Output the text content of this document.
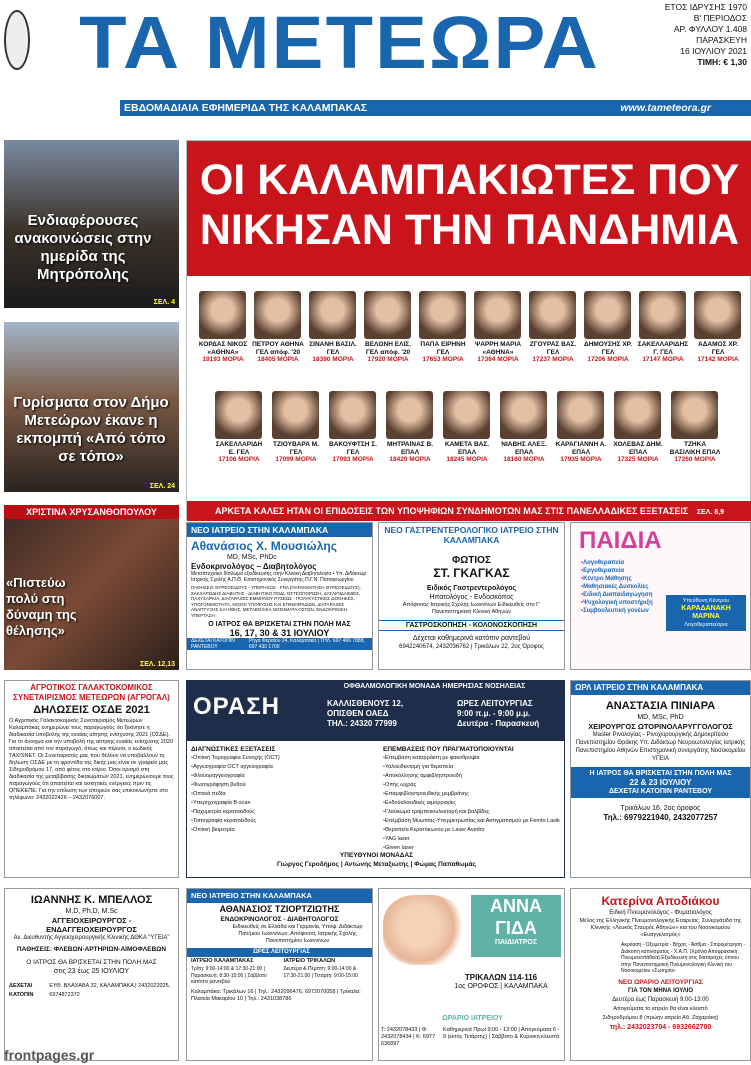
ΤΑ ΜΕΤΕΩΡΑ	ΕΤΟΣ ΙΔΡΥΣΗΣ 1970
Β' ΠΕΡΙΟΔΟΣ
ΑΡ. ΦΥΛΛΟΥ 1.408
ΠΑΡΑΣΚΕΥΗ
16 ΙΟΥΛΙΟΥ 2021
ΤΙΜΗ: € 1,30
ΕΒΔΟΜΑΔΙΑΙΑ ΕΦΗΜΕΡΙΔΑ ΤΗΣ ΚΑΛΑΜΠΑΚΑΣ	www.tameteora.gr
Ενδιαφέρουσες ανακοινώσεις στην ημερίδα της Μητρόπολης
ΣΕΛ. 4
Γυρίσματα στον Δήμο Μετεώρων έκανε η εκπομπή «Από τόπο σε τόπο»
ΣΕΛ. 24
ΧΡΙΣΤΙΝΑ ΧΡΥΣΑΝΘΟΠΟΥΛΟΥ
«Πιστεύω πολύ στη δύναμη της θέλησης»
ΣΕΛ. 12,13
ΟΙ ΚΑΛΑΜΠΑΚΙΩΤΕΣ ΠΟΥ
ΝΙΚΗΣΑΝ ΤΗΝ ΠΑΝΔΗΜΙΑ
ΚΟΡΔΑΣ ΝΙΚΟΣ «ΑΘΗΝΑ»
19193 ΜΟΡΙΑ
ΠΕΤΡΟΥ ΑΘΗΝΑ ΓΕΛ απόφ. '20
18405 ΜΟΡΙΑ
ΣΙΝΑΝΗ ΒΑΣΙΛ. ΓΕΛ
18390 ΜΟΡΙΑ
ΒΕΛΩΝΗ ΕΛΙΣ. ΓΕΛ απόφ. '20
17920 ΜΟΡΙΑ
ΠΑΠΑ ΕΙΡΗΝΗ ΓΕΛ
17653 ΜΟΡΙΑ
ΨΑΡΡΗ ΜΑΡΙΑ «ΑΘΗΝΑ»
17364 ΜΟΡΙΑ
ΖΓΟΥΡΑΣ ΒΑΣ. ΓΕΛ
17237 ΜΟΡΙΑ
ΔΗΜΟΥΣΗΣ ΧΡ. ΓΕΛ
17206 ΜΟΡΙΑ
ΣΑΚΕΛΛΑΡΙΔΗΣ Γ. ΓΕΛ
17147 ΜΟΡΙΑ
ΑΔΑΜΟΣ ΧΡ. ΓΕΛ
17142 ΜΟΡΙΑ
ΣΑΚΕΛΛΑΡΙΔΗ Ε. ΓΕΛ
17106 ΜΟΡΙΑ
ΤΖΙΟΥΒΑΡΑ Μ. ΓΕΛ
17099 ΜΟΡΙΑ
ΒΑΚΟΥΦΤΣΗ Σ. ΓΕΛ
17093 ΜΟΡΙΑ
ΜΗΤΡΑΙΝΑΣ Β. ΕΠΑΛ
18420 ΜΟΡΙΑ
ΚΑΜΕΤΑ ΒΑΣ. ΕΠΑΛ
18245 ΜΟΡΙΑ
ΝΙΑΒΗΣ ΑΛΕΞ. ΕΠΑΛ
18160 ΜΟΡΙΑ
ΚΑΡΑΓΙΑΝΝΗ Α. ΕΠΑΛ
17935 ΜΟΡΙΑ
ΧΟΛΕΒΑΣ ΔΗΜ. ΕΠΑΛ
17325 ΜΟΡΙΑ
ΤΖΗΚΑ ΒΑΣΙΛΙΚΗ ΕΠΑΛ
17260 ΜΟΡΙΑ
ΑΡΚΕΤΑ ΚΑΛΕΣ ΗΤΑΝ ΟΙ ΕΠΙΔΟΣΕΙΣ ΤΩΝ ΥΠΟΨΗΦΙΩΝ ΣΥΝΔΗΜΟΤΩΝ ΜΑΣ ΣΤΙΣ ΠΑΝΕΛΛΑΔΙΚΕΣ ΕΞΕΤΑΣΕΙΣ ΣΕΛ. 8,9
ΝΕΟ ΙΑΤΡΕΙΟ ΣΤΗΝ ΚΑΛΑΜΠΑΚΑ
Αθανάσιος Χ. Μουσιώλης
MD, MSc, PhDc
Ενδοκρινολόγος – Διαβητολόγος
Μεταπτυχιακό δίπλωμα εξειδίκευσης στην Κλινική Διαβητολογία • Υπ. Διδάκτωρ Ιατρικής Σχολής Α.Π.Θ. Επιστημονικός Συνεργάτης Π.Γ.Ν. Παπαγεωργίου
ΠΑΘΗΣΕΙΣ ΘΥΡΕΟΕΙΔΟΥΣ - ΥΠΕΡΗΧΟΣ - FNA (ΠΑΡΑΚΕΝΤΗΣΗ ΘΥΡΕΟΕΙΔΟΥΣ), ΣΑΚΧΑΡΩΔΗΣ ΔΙΑΒΗΤΗΣ - ΔΙΑΒΗΤΙΚΟ ΠΟΔΙ, ΟΣΤΕΟΠΟΡΩΣΗ, ΔΥΣΛΙΠΙΔΑΙΜΙΕΣ, ΠΑΧΥΣΑΡΚΙΑ, ΔΙΑΤΑΡΑΧΕΣ ΕΜΜΗΝΟΥ ΡΥΣΕΩΣ - ΠΟΛΥΚΥΣΤΙΚΕΣ ΩΟΘΗΚΕΣ, ΥΠΟΓΟΝΙΜΟΤΗΤΑ, ΝΟΣΟΙ ΥΠΟΦΥΣΗΣ ΚΑΙ ΕΠΙΝΕΦΡΙΔΙΩΝ, ΔΙΑΤΑΡΑΧΕΣ ΑΝΑΠΤΥΞΗΣ ΚΑΙ ΗΒΗΣ, ΜΕΤΑΒΟΛΙΚΑ ΝΟΣΗΜΑΤΑ ΟΣΤΩΝ, ΕΝΔΟΚΡΙΝΙΚΗ ΥΠΕΡΤΑΣΗ
Ο ΙΑΤΡΟΣ ΘΑ ΒΡΙΣΚΕΤΑΙ ΣΤΗΝ ΠΟΛΗ ΜΑΣ
16, 17, 30 & 31 ΙΟΥΛΙΟΥ
ΔΕΧΕΤΑΙ ΚΑΤΟΠΙΝ ΡΑΝΤΕΒΟΥ
Ρήγα Φεραίου 24, Καλαμπάκα | ΤΗΛ. 697 466 7888, 697 430 1700
ΝΕΟ ΓΑΣΤΡΕΝΤΕΡΟΛΟΓΙΚΟ ΙΑΤΡΕΙΟ ΣΤΗΝ ΚΑΛΑΜΠΑΚΑ
ΦΩΤΙΟΣ
ΣΤ. ΓΚΑΓΚΑΣ
Ειδικός Γαστρεντερολόγος
Ηπατολόγος - Ενδοσκόπος
Απόφοιτος Ιατρικής Σχολής Ιωαννίνων Ειδικευθείς στο Γ' Πανεπιστημιακή Κλινική Αθηνών
ΓΑΣΤΡΟΣΚΟΠΗΣΗ - ΚΟΛΟΝΟΣΚΟΠΗΣΗ
Δέχεται καθημερινά κατόπιν ραντεβού
6942240674, 2432036762 | Τρικάλων 22, 2ος Όροφος
ΠΑΙΔΙΑ
• Λογοθεραπεία
• Εργοθεραπεία
• Κέντρο Μάθησης
• Μαθησιακές Δυσκολίες
• Ειδική Διαπαιδαγώγηση
• Ψυχολογική υποστήριξη
• Συμβουλευτική γονέων
Υπεύθυνη Κέντρου
ΚΑΡΑΔΑΝΑΚΗ ΜΑΡΙΝΑ
Λογοθεραπεύτρια
ΑΓΡΟΤΙΚΟΣ ΓΑΛΑΚΤΟΚΟΜΙΚΟΣ
ΣΥΝΕΤΑΙΡΙΣΜΟΣ ΜΕΤΕΩΡΩΝ (ΑΓΡΟΓΑΛ)
ΔΗΛΩΣΕΙΣ ΟΣΔΕ 2021
Ο Αγροτικός Γαλακτοκομικός Συνεταιρισμός Μετεώρων Καλαμπάκας ενημερώνει τους παραγωγούς ότι ξεκίνησε η διαδικασία υποβολής της ενιαίας αίτησης ενίσχυσης 2021 (ΟΣΔΕ). Για το άνοιγμα και την υποβολή της αίτησης ενιαίας ενίσχυσης 2020 απαιτείται από τον παραγωγό, όπως και πέρυσι, ο κωδικός TAXISNET. Οι Συνεταιριστές μας που θέλουν να υποβάλλουν τη δήλωση ΟΣΔΕ με τη φροντίδα της δικής μας είναι σε γραφείο μας Σιδηροδρόμου 17, από φέτος στο κτίριο. Όσοι ορισμό στη διαδικασία της μεταβίβασης δικαιωμάτων 2021, ενημερώνουμε τους παραγωγούς ότι απαιτείται και ασκητικές ενέργειες πριν τις ΟΠΕΚΕΠΕ. Για την επίλυση των αποριών σας επικοινωνήστε στο τηλέφωνο: 2432022426 – 2432076007.
ΟΡΑΣΗ
ΟΦΘΑΛΜΟΛΟΓΙΚΗ ΜΟΝΑΔΑ ΗΜΕΡΗΣΙΑΣ ΝΟΣΗΛΕΙΑΣ
ΚΑΛΛΙΣΘΕΝΟΥΣ 12,
ΟΠΙΣΘΕΝ ΟΑΕΔ
ΤΗΛ.: 24320 77999
ΩΡΕΣ ΛΕΙΤΟΥΡΓΙΑΣ
9:00 π.μ. - 9:00 μ.μ.
Δευτέρα - Παρασκευή
ΔΙΑΓΝΩΣΤΙΚΕΣ ΕΞΕΤΑΣΕΙΣ
• Οπτική Τομογραφία Συνοχής (OCT)
• Αγγειογραφία OCT αγγειογραφία
• Φλουοραγγειογραφία
• Φωτογράφηση βυθού
• Οπτικά πεδία
• Υπερηχογραφία B-scan
• Παχυμετρία κερατοειδούς
• Τοπογραφία κερατοειδούς
• Οπτική βιομετρία
ΕΠΕΜΒΑΣΕΙΣ ΠΟΥ ΠΡΑΓΜΑΤΟΠΟΙΟΥΝΤΑΙ
• Επέμβαση καταρράκτη με φακοθρυψία
• Υαλοειδεκτομή για θεραπεία
• Αποκόλλησης αμφιβληστροειδή
• Οπής ωχράς
• Επαμφιβληστροειδικής μεμβράνης
• Ενδοϋαλοειδικές αιμορραγίες
• Γλαύκωμα τραμπεκουλεκτομή και βαλβίδες
• Επέμβαση Μυωπίας-Υπερμετρωπίας και Αστιγματισμού με Femto Lasik
• Θεραπεία Κερατόκωνου με Laser Avedro
• YAG laser
• Green laser
ΥΠΕΥΘΥΝΟΙ ΜΟΝΑΔΑΣ
Γιώργος Γεροδήμος | Αντώνης Μεταξιώτης | Φώμας Παπαθωμάς
ΩΡΛ ΙΑΤΡΕΙΟ ΣΤΗΝ ΚΑΛΑΜΠΑΚΑ
ΑΝΑΣΤΑΣΙΑ ΠΙΝΙΑΡΑ
MD, MSc, PhD
ΧΕΙΡΟΥΡΓΟΣ ΩΤΟΡΙΝΟΛΑΡΥΓΓΟΛΟΓΟΣ
Master Ρινολογίας - Ρινοχειρουργικής Δημοκρίτειου Πανεπιστημίου Θράκης Υπ. Διδάκτωρ Νευροωτολογίας Ιατρικής Πανεπιστημίου Αθηνών Επιστημονική συνεργάτης Νοσοκομείου ΥΓΕΙΑ
Η ΙΑΤΡΟΣ ΘΑ ΒΡΙΣΚΕΤΑΙ ΣΤΗΝ ΠΟΛΗ ΜΑΣ
22 & 23 ΙΟΥΛΙΟΥ
ΔΕΧΕΤΑΙ ΚΑΤΟΠΙΝ ΡΑΝΤΕΒΟΥ
Τρικάλων 16, 2ος όροφος
Τηλ.: 6979221940, 2432077257
ΙΩΑΝΝΗΣ Κ. ΜΠΕΛΛΟΣ
M.D, Ph.D, M.Sc
ΑΓΓΕΙΟΧΕΙΡΟΥΡΓΟΣ -
ΕΝΔΑΓΓΕΙΟΧΕΙΡΟΥΡΓΟΣ
Αν. Διευθυντής Αγγειοχειρουργικής Κλινικής ΔΘΚΑ "ΥΓΕΙΑ"
ΠΑΘΗΣΕΙΣ: ΦΛΕΒΩΝ-ΑΡΤΗΡΙΩΝ-ΑΙΜΟΦΛΕΒΩΝ
Ο ΙΑΤΡΟΣ ΘΑ ΒΡΙΣΚΕΤΑΙ ΣΤΗΝ ΠΟΛΗ ΜΑΣ
στις 23 έως 25 ΙΟΥΛΙΟΥ
ΔΕΧΕΤΑΙ ΚΑΤΟΠΙΝ
ΕΥΘ. ΒΛΑΧΑΒΑ 32, ΚΑΛΑΜΠΑΚΑ | 2432022025, 6974872372
ΝΕΟ ΙΑΤΡΕΙΟ ΣΤΗΝ ΚΑΛΑΜΠΑΚΑ
ΑΘΑΝΑΣΙΟΣ ΤΖΙΟΡΤΖΙΩΤΗΣ
ΕΝΔΟΚΡΙΝΟΛΟΓΟΣ - ΔΙΑΒΗΤΟΛΟΓΟΣ
Ειδικευθείς σε Ελλάδα και Γερμανία, Υποψ. Διδάκτωρ Παν/μιου Ιωαννίνων. Απόφοιτος Ιατρικής Σχολής Πανεπιστημίου Ιωαννίνων
ΩΡΕΣ ΛΕΙΤΟΥΡΓΙΑΣ
ΙΑΤΡΕΙΟ ΚΑΛΑΜΠΑΚΑΣ
Τρίτη: 9:00-14:00 & 17:30-21:00 | Παρασκευή: 8:30-15:00 | Σάββατο κατόπιν ραντεβού
ΙΑΤΡΕΙΟ ΤΡΙΚΑΛΩΝ
Δευτέρα & Πέμπτη: 9:00-14:00 & 17:30-21:00 | Τετάρτη: 9:00-15:00
Καλαμπάκα: Τρικάλων 16 | Τηλ.: 2432096476, 6972070058 | Τρίκαλα: Πλατεία Μακαρίου 10 | Τηλ.: 2431038786
ΑΝΝΑ
ΓΙΔΑ
ΠΑΙΔΙΑΤΡΟΣ
ΤΡΙΚΑΛΩΝ 114-116
1ος ΟΡΟΦΟΣ | ΚΑΛΑΜΠΑΚΑ
ΩΡΑΡΙΟ ΙΑΤΡΕΙΟΥ
Τ: 2432078433 | Φ: 2432078434 | Κ: 6977 636897
Καθημερινά Πρωί 9:00 - 13:00 | Απογεύματα 6 - 9 (εκτός Τετάρτης) | Σάββατο & Κυριακή κλειστά
Κατερίνα Αποδιάκου
Ειδική Πνευμονολόγος - Φυματιολόγος
Μέλος της Ελληνικής Πνευμονολογικής Εταιρείας. Συνεργάτιδα της Κλινικής «Λευκός Σταυρός Αθηνών» και του Νοσοκομείου «Ευαγγελισμός»
Ακρόαση - Οξυμετρία - Βήχας - Άσθμα - Σπιρομέτρηση - Διακοπή καπνίσματος - Χ.Α.Π. (Χρόνια Αποφρακτική Πνευμονοπάθεια) Εξειδίκευση στις διαταραχές ύπνου στην Πανεπιστημιακή Πνευμονολογική Κλινική του Νοσοκομείου «Σωτηρία»
ΝΕΟ ΩΡΑΡΙΟ ΛΕΙΤΟΥΡΓΙΑΣ
ΓΙΑ ΤΟΝ ΜΗΝΑ ΙΟΥΛΙΟ
Δευτέρα έως Παρασκευή 9:00-13:00
Απογεύματα το ιατρείο θα είναι κλειστό
Σιδηροδρόμου 8 (πρώην ιατρείο Αθ. Ζαχαράκη)
τηλ.: 2432023704 - 6932662700
frontpages.gr
